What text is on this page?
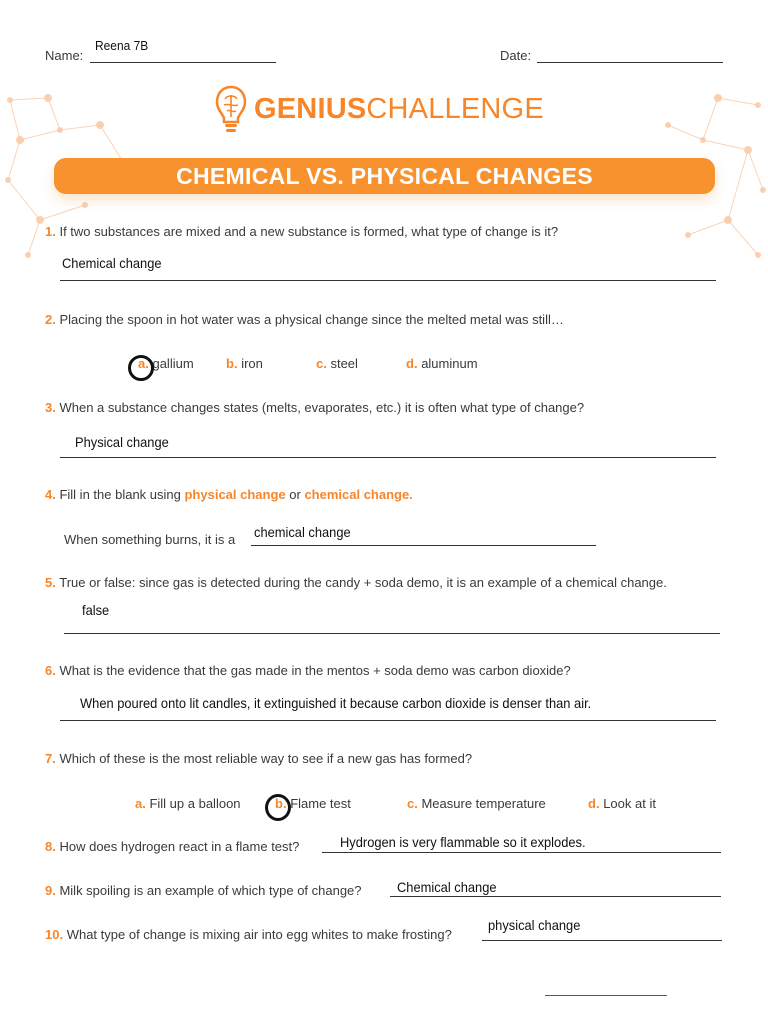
Name:
Reena 7B
Date:
GENIUSCHALLENGE
CHEMICAL VS. PHYSICAL CHANGES
1. If two substances are mixed and a new substance is formed, what type of change is it?
Chemical change
2. Placing the spoon in hot water was a physical change since the melted metal was still…
a. gallium b. iron	c. steel	d. aluminum
3. When a substance changes states (melts, evaporates, etc.) it is often what type of change?
Physical change
4. Fill in the blank using physical change or chemical change.
When something burns, it is a chemical change
5. True or false: since gas is detected during the candy + soda demo, it is an example of a chemical change.
false
6. What is the evidence that the gas made in the mentos + soda demo was carbon dioxide?
When poured onto lit candles, it extinguished it because carbon dioxide is denser than air.
7. Which of these is the most reliable way to see if a new gas has formed?
a. Fill up a balloon	b. Flame test	c. Measure temperature	d. Look at it
8. How does hydrogen react in a flame test?	Hydrogen is very flammable so it explodes.
9. Milk spoiling is an example of which type of change?	Chemical change
10. What type of change is mixing air into egg whites to make frosting?
physical change
